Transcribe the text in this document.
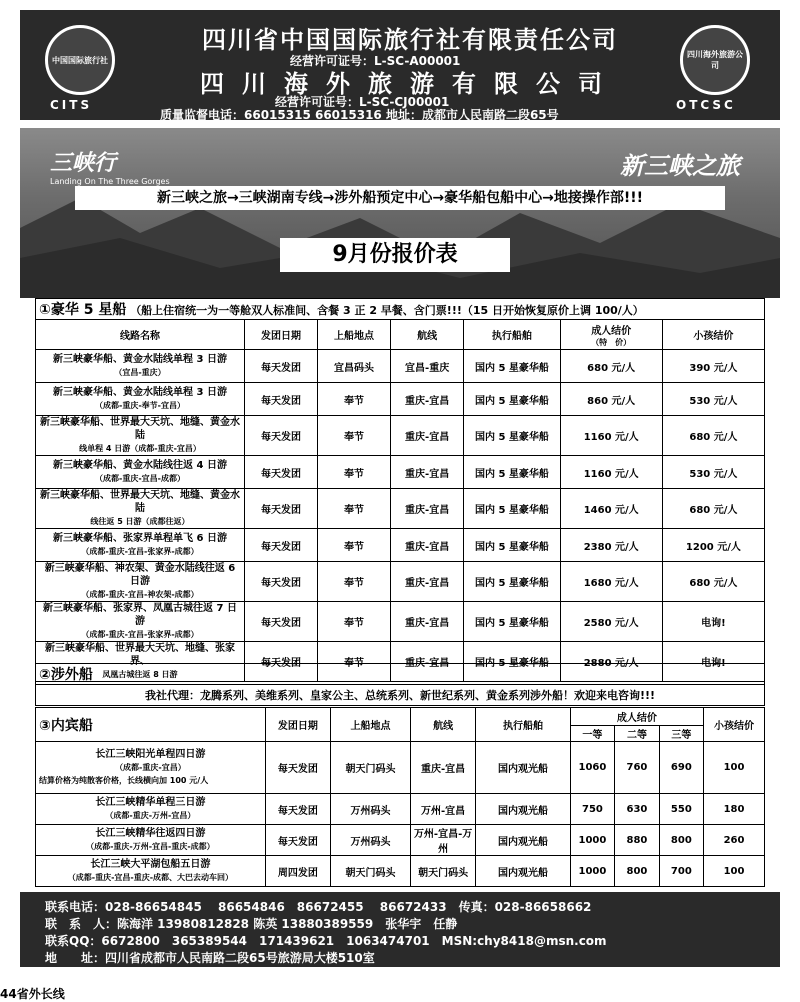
中国国际旅行社
CITS
四川省中国国际旅行社有限责任公司
经营许可证号：L-SC-A00001
四川海外旅游有限公司
经营许可证号：L-SC-CJ00001
质量监督电话：66015315 66015316 地址：成都市人民南路二段65号
四川海外旅游公司
OTCSC
三峡行
Landing On The Three Gorges
新三峡之旅
新三峡之旅→三峡湖南专线→涉外船预定中心→豪华船包船中心→地接操作部!!!
9月份报价表
①豪华 5 星船 （船上住宿统一为一等舱双人标准间、含餐 3 正 2 早餐、含门票!!!（15 日开始恢复原价上调 100/人）						
线路名称	发团日期	上船地点	航线	执行船舶	成人结价
（特　价）	小孩结价
新三峡豪华船、黄金水陆线单程 3 日游
（宜昌-重庆）	每天发团	宜昌码头	宜昌-重庆	国内 5 星豪华船	680 元/人	390 元/人
新三峡豪华船、黄金水陆线单程 3 日游
（成都-重庆-奉节-宜昌）	每天发团	奉节	重庆-宜昌	国内 5 星豪华船	860 元/人	530 元/人
新三峡豪华船、世界最大天坑、地缝、黄金水陆
线单程 4 日游（成都-重庆-宜昌）	每天发团	奉节	重庆-宜昌	国内 5 星豪华船	1160 元/人	680 元/人
新三峡豪华船、黄金水陆线往返 4 日游
（成都-重庆-宜昌-成都）	每天发团	奉节	重庆-宜昌	国内 5 星豪华船	1160 元/人	530 元/人
新三峡豪华船、世界最大天坑、地缝、黄金水陆
线往返 5 日游（成都往返）	每天发团	奉节	重庆-宜昌	国内 5 星豪华船	1460 元/人	680 元/人
新三峡豪华船、张家界单程单飞 6 日游
（成都-重庆-宜昌-张家界-成都）	每天发团	奉节	重庆-宜昌	国内 5 星豪华船	2380 元/人	1200 元/人
新三峡豪华船、神农架、黄金水陆线往返 6 日游
（成都-重庆-宜昌-神农架-成都）	每天发团	奉节	重庆-宜昌	国内 5 星豪华船	1680 元/人	680 元/人
新三峡豪华船、张家界、凤凰古城往返 7 日游
（成都-重庆-宜昌-张家界-成都）	每天发团	奉节	重庆-宜昌	国内 5 星豪华船	2580 元/人	电询!
新三峡豪华船、世界最大天坑、地缝、张家界、
凤凰古城往返 8 日游	每天发团	奉节	重庆-宜昌	国内 5 星豪华船	2880 元/人	电询!
②涉外船
我社代理：龙腾系列、美维系列、皇家公主、总统系列、新世纪系列、黄金系列涉外船！欢迎来电咨询!!!
③内宾船	发团日期	上船地点	航线	执行船舶	成人结价			小孩结价
					一等	二等	三等	
长江三峡阳光单程四日游
（成都-重庆-宜昌）
结算价格为纯散客价格，长线横向加 100 元/人	每天发团	朝天门码头	重庆-宜昌	国内观光船	1060	760	690	100
长江三峡精华单程三日游
（成都-重庆-万州-宜昌）	每天发团	万州码头	万州-宜昌	国内观光船	750	630	550	180
长江三峡精华往返四日游
（成都-重庆-万州-宜昌-重庆-成都）	每天发团	万州码头	万州-宜昌-万州	国内观光船	1000	880	800	260
长江三峡大平湖包船五日游
（成都-重庆-宜昌-重庆-成都、大巴去动车回）	周四发团	朝天门码头	朝天门码头	国内观光船	1000	800	700	100
联系电话：028-86654845　 86654846　86672455　 86672433　传真：028-86658662
联　系　人：陈海洋 13980812828 陈英 13880389559　张华宇　任静
联系QQ：6672800　365389544　171439621　1063474701　MSN:chy8418@msn.com
地　　址：四川省成都市人民南路二段65号旅游局大楼510室
44省外长线
